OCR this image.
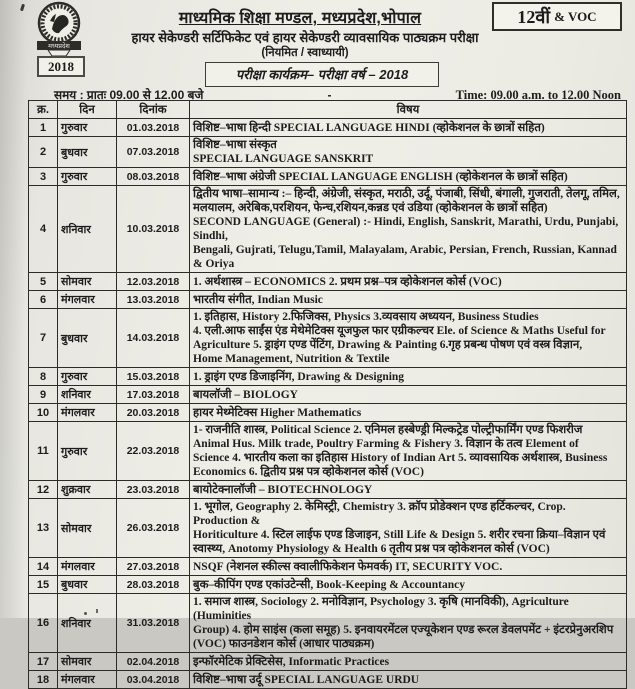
मध्यप्रदेश
2018
माध्यमिक शिक्षा मण्डल, मध्यप्रदेश,भोपाल
हायर सेकेण्डरी सर्टिफिकेट एवं हायर सेकेण्डरी व्यावसायिक पाठ्यक्रम परीक्षा
(नियमित / स्वाध्यायी)
परीक्षा कार्यक्रम– परीक्षा वर्ष – 2018
12वीं & VOC
समय : प्रातः 09.00 से 12.00 बजे	-	Time: 09.00 a.m. to 12.00 Noon
क्र.	दिन	दिनांक	विषय
1	गुरुवार	01.03.2018	विशिष्ट–भाषा हिन्दी SPECIAL LANGUAGE HINDI (व्होकेशनल के छात्रों सहित)

2	बुधवार	07.03.2018	विशिष्ट–भाषा संस्कृत
SPECIAL LANGUAGE SANSKRIT

3	गुरुवार	08.03.2018	विशिष्ट–भाषा अंग्रेजी SPECIAL LANGUAGE ENGLISH (व्होकेशनल के छात्रों सहित)

4	शनिवार	10.03.2018	द्वितीय भाषा–सामान्य :– हिन्दी, अंग्रेजी, संस्कृत, मराठी, उर्दू, पंजाबी, सिंधी, बंगाली, गुजराती, तेलगू, तमिल,
मलयालम, अरेबिक,परशियन, फेन्च,रशियन,कन्नड एवं उडिया (व्होकेशनल के छात्रों सहित)
SECOND LANGUAGE (General) :- Hindi, English, Sanskrit, Marathi, Urdu, Punjabi, Sindhi,
Bengali, Gujrati, Telugu,Tamil, Malayalam, Arabic, Persian, French, Russian, Kannad & Oriya

5	सोमवार	12.03.2018	1. अर्थशास्त्र – ECONOMICS 2. प्रथम प्रश्न–पत्र व्होकेशनल कोर्स (VOC)

6	मंगलवार	13.03.2018	भारतीय संगीत, Indian Music

7	बुधवार	14.03.2018	1. इतिहास, History 2.फिजिक्स, Physics 3.व्यवसाय अध्ययन, Business Studies
4. एली.आफ साईंस एंड मेथेमेटिक्स यूजफुल फार एग्रीकल्चर Ele. of Science & Maths Useful for
Agriculture 5. ड्राइंग एण्ड पेंटिंग, Drawing & Painting 6.गृह प्रबन्ध पोषण एवं वस्त्र विज्ञान,
Home Management, Nutrition & Textile

8	गुरुवार	15.03.2018	1. ड्राइंग एण्ड डिजाइनिंग, Drawing & Designing

9	शनिवार	17.03.2018	बायलॉजी – BIOLOGY

10	मंगलवार	20.03.2018	हायर मेथ्मेटिक्स Higher Mathematics

11	गुरुवार	22.03.2018	1- राजनीति शास्त्र, Political Science 2. एनिमल हस्बेण्ड्री मिल्कट्रेड पोल्ट्रीफार्मिंग एण्ड फिशरीज
Animal Hus. Milk trade, Poultry Farming & Fishery 3. विज्ञान के तत्व Element of
Science 4. भारतीय कला का इतिहास History of Indian Art 5. व्यावसायिक अर्थशास्त्र, Business
Economics 6. द्वितीय प्रश्न पत्र व्होकेशनल कोर्स (VOC)

12	शुक्रवार	23.03.2018	बायोटेक्नालॉजी – BIOTECHNOLOGY

13	सोमवार	26.03.2018	1. भूगोल, Geography 2. केमिस्ट्री, Chemistry 3. क्रॉप प्रोडेक्शन एण्ड हर्टिकल्चर, Crop. Production &
Horiticulture 4. स्टिल लाईफ एण्ड डिजाइन, Still Life & Design 5. शरीर रचना क्रिया–विज्ञान एवं
स्वास्थ्य, Anotomy Physiology & Health 6 तृतीय प्रश्न पत्र व्होकेशनल कोर्स (VOC)

14	मंगलवार	27.03.2018	NSQF (नेशनल स्कील्स क्वालीफिकेशन फेमवर्क) IT, SECURITY VOC.

15	बुधवार	28.03.2018	बुक–कीपिंग एण्ड एकांउटेन्सी, Book-Keeping & Accountancy

16	शनिवार	31.03.2018	1. समाज शास्त्र, Sociology 2. मनोविज्ञान, Psychology 3. कृषि (मानविकी), Agriculture (Huminities
Group) 4. होम साइंस (कला समूह) 5. इनवायरमेंटल एज्यूकेशन एण्ड रूरल डेवलपमेंट + इंटरप्रेनुअरशिप
(VOC) फाउनडेशन कोर्स (आधार पाठ्यक्रम)

17	सोमवार	02.04.2018	इन्फॉरमेटिक प्रेक्टिसेस, Informatic Practices

18	मंगलवार	03.04.2018	विशिष्ट–भाषा उर्दू SPECIAL LANGUAGE URDU
